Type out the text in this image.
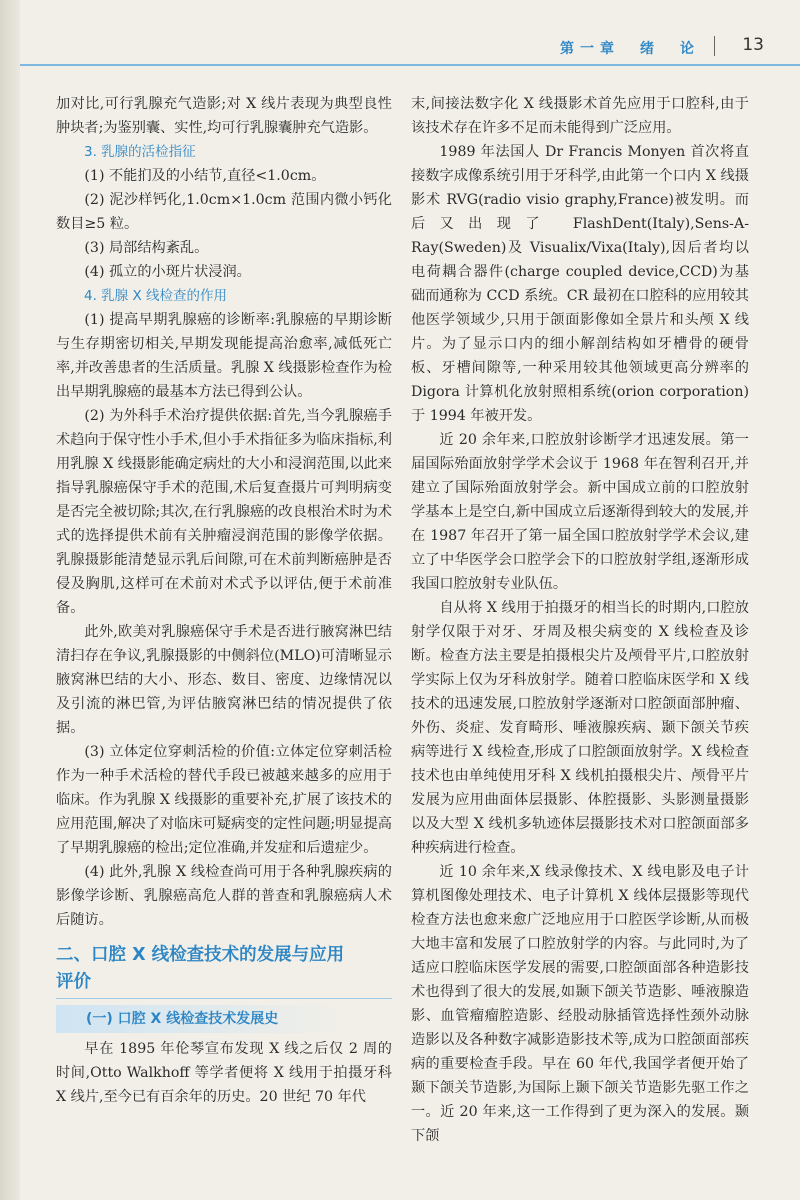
第一章　绪　论 13

加对比,可行乳腺充气造影;对 X 线片表现为典型良性肿块者;为鉴别囊、实性,均可行乳腺囊肿充气造影。

3. 乳腺的活检指征

(1) 不能扪及的小结节,直径<1.0cm。

(2) 泥沙样钙化,1.0cm×1.0cm 范围内微小钙化数目≥5 粒。

(3) 局部结构紊乱。

(4) 孤立的小斑片状浸润。

4. 乳腺 X 线检查的作用

(1) 提高早期乳腺癌的诊断率:乳腺癌的早期诊断与生存期密切相关,早期发现能提高治愈率,减低死亡率,并改善患者的生活质量。乳腺 X 线摄影检查作为检出早期乳腺癌的最基本方法已得到公认。

(2) 为外科手术治疗提供依据:首先,当今乳腺癌手术趋向于保守性小手术,但小手术指征多为临床指标,利用乳腺 X 线摄影能确定病灶的大小和浸润范围,以此来指导乳腺癌保守手术的范围,术后复查摄片可判明病变是否完全被切除;其次,在行乳腺癌的改良根治术时为术式的选择提供术前有关肿瘤浸润范围的影像学依据。乳腺摄影能清楚显示乳后间隙,可在术前判断癌肿是否侵及胸肌,这样可在术前对术式予以评估,便于术前准备。

此外,欧美对乳腺癌保守手术是否进行腋窝淋巴结清扫存在争议,乳腺摄影的中侧斜位(MLO)可清晰显示腋窝淋巴结的大小、形态、数目、密度、边缘情况以及引流的淋巴管,为评估腋窝淋巴结的情况提供了依据。

(3) 立体定位穿刺活检的价值:立体定位穿刺活检作为一种手术活检的替代手段已被越来越多的应用于临床。作为乳腺 X 线摄影的重要补充,扩展了该技术的应用范围,解决了对临床可疑病变的定性问题;明显提高了早期乳腺癌的检出;定位准确,并发症和后遗症少。

(4) 此外,乳腺 X 线检查尚可用于各种乳腺疾病的影像学诊断、乳腺癌高危人群的普查和乳腺癌病人术后随访。

二、口腔 X 线检查技术的发展与应用
评价
(一) 口腔 X 线检查技术发展史

早在 1895 年伦琴宣布发现 X 线之后仅 2 周的时间,Otto Walkhoff 等学者便将 X 线用于拍摄牙科 X 线片,至今已有百余年的历史。20 世纪 70 年代

末,间接法数字化 X 线摄影术首先应用于口腔科,由于该技术存在许多不足而未能得到广泛应用。

1989 年法国人 Dr Francis Monyen 首次将直接数字成像系统引用于牙科学,由此第一个口内 X 线摄影术 RVG(radio visio graphy,France)被发明。而后又出现了 FlashDent(Italy),Sens-A-Ray(Sweden)及 Visualix/Vixa(Italy),因后者均以电荷耦合器件(charge coupled device,CCD)为基础而通称为 CCD 系统。CR 最初在口腔科的应用较其他医学领域少,只用于颌面影像如全景片和头颅 X 线片。为了显示口内的细小解剖结构如牙槽骨的硬骨板、牙槽间隙等,一种采用较其他领域更高分辨率的 Digora 计算机化放射照相系统(orion corporation)于 1994 年被开发。

近 20 余年来,口腔放射诊断学才迅速发展。第一届国际殆面放射学学术会议于 1968 年在智利召开,并建立了国际殆面放射学会。新中国成立前的口腔放射学基本上是空白,新中国成立后逐渐得到较大的发展,并在 1987 年召开了第一届全国口腔放射学学术会议,建立了中华医学会口腔学会下的口腔放射学组,逐渐形成我国口腔放射专业队伍。

自从将 X 线用于拍摄牙的相当长的时期内,口腔放射学仅限于对牙、牙周及根尖病变的 X 线检查及诊断。检查方法主要是拍摄根尖片及颅骨平片,口腔放射学实际上仅为牙科放射学。随着口腔临床医学和 X 线技术的迅速发展,口腔放射学逐渐对口腔颌面部肿瘤、外伤、炎症、发育畸形、唾液腺疾病、颞下颌关节疾病等进行 X 线检查,形成了口腔颌面放射学。X 线检查技术也由单纯使用牙科 X 线机拍摄根尖片、颅骨平片发展为应用曲面体层摄影、体腔摄影、头影测量摄影以及大型 X 线机多轨迹体层摄影技术对口腔颌面部多种疾病进行检查。

近 10 余年来,X 线录像技术、X 线电影及电子计算机图像处理技术、电子计算机 X 线体层摄影等现代检查方法也愈来愈广泛地应用于口腔医学诊断,从而极大地丰富和发展了口腔放射学的内容。与此同时,为了适应口腔临床医学发展的需要,口腔颌面部各种造影技术也得到了很大的发展,如颞下颌关节造影、唾液腺造影、血管瘤瘤腔造影、经股动脉插管选择性颈外动脉造影以及各种数字减影造影技术等,成为口腔颌面部疾病的重要检查手段。早在 60 年代,我国学者便开始了颞下颌关节造影,为国际上颞下颌关节造影先驱工作之一。近 20 年来,这一工作得到了更为深入的发展。颞下颌
